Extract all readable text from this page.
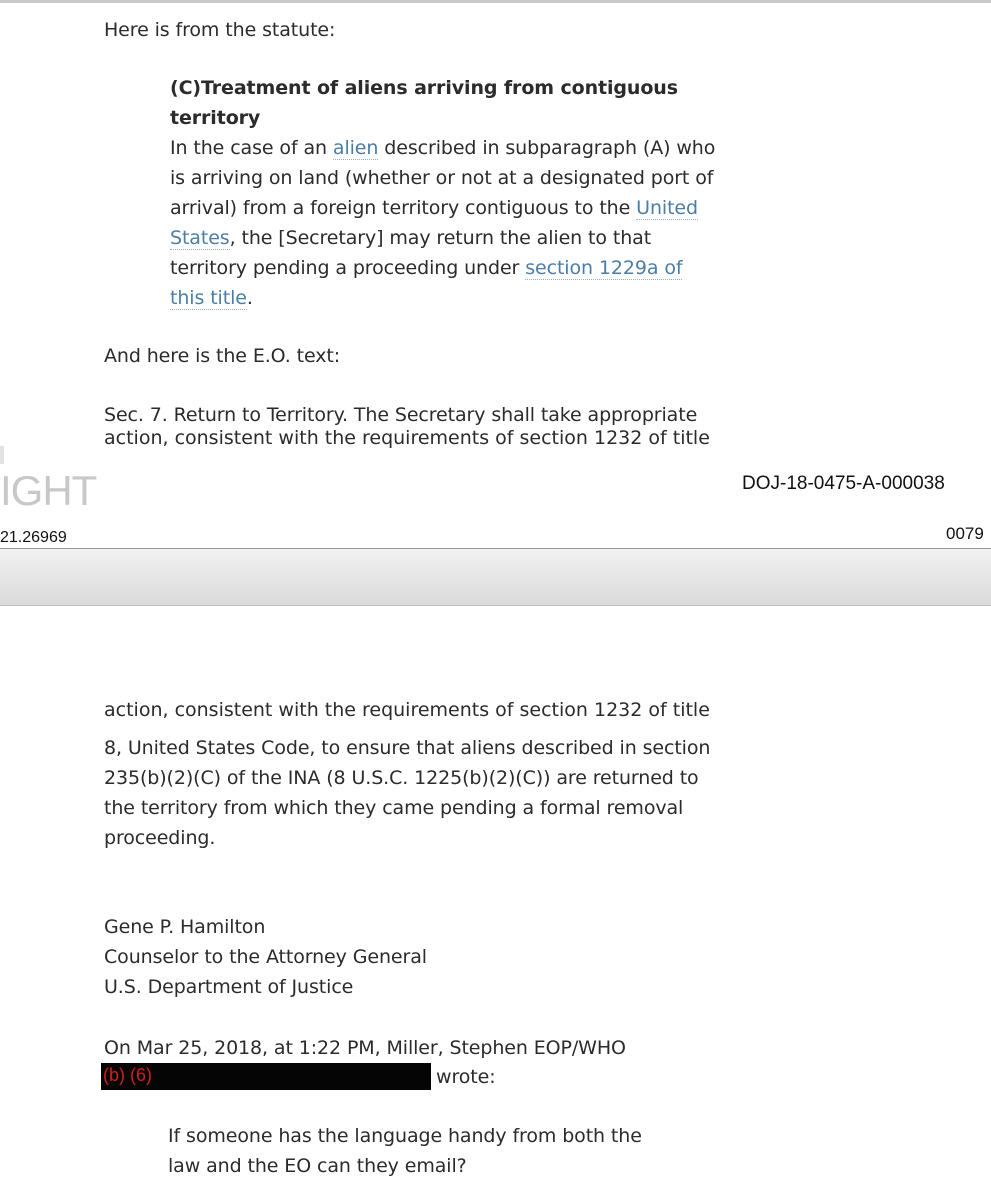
Here is from the statute:
(C)Treatment of aliens arriving from contiguous
territory
In the case of an alien described in subparagraph (A) who
is arriving on land (whether or not at a designated port of
arrival) from a foreign territory contiguous to the United
States, the [Secretary] may return the alien to that
territory pending a proceeding under section 1229a of
this title.
And here is the E.O. text:
Sec. 7. Return to Territory. The Secretary shall take appropriate
action, consistent with the requirements of section 1232 of title
IGHT	DOJ-18-0475-A-000038
21.26969	0079
action, consistent with the requirements of section 1232 of title
8, United States Code, to ensure that aliens described in section
235(b)(2)(C) of the INA (8 U.S.C. 1225(b)(2)(C)) are returned to
the territory from which they came pending a formal removal
proceeding.
Gene P. Hamilton
Counselor to the Attorney General
U.S. Department of Justice
On Mar 25, 2018, at 1:22 PM, Miller, Stephen EOP/WHO
(b) (6)	wrote:
If someone has the language handy from both the
law and the EO can they email?
